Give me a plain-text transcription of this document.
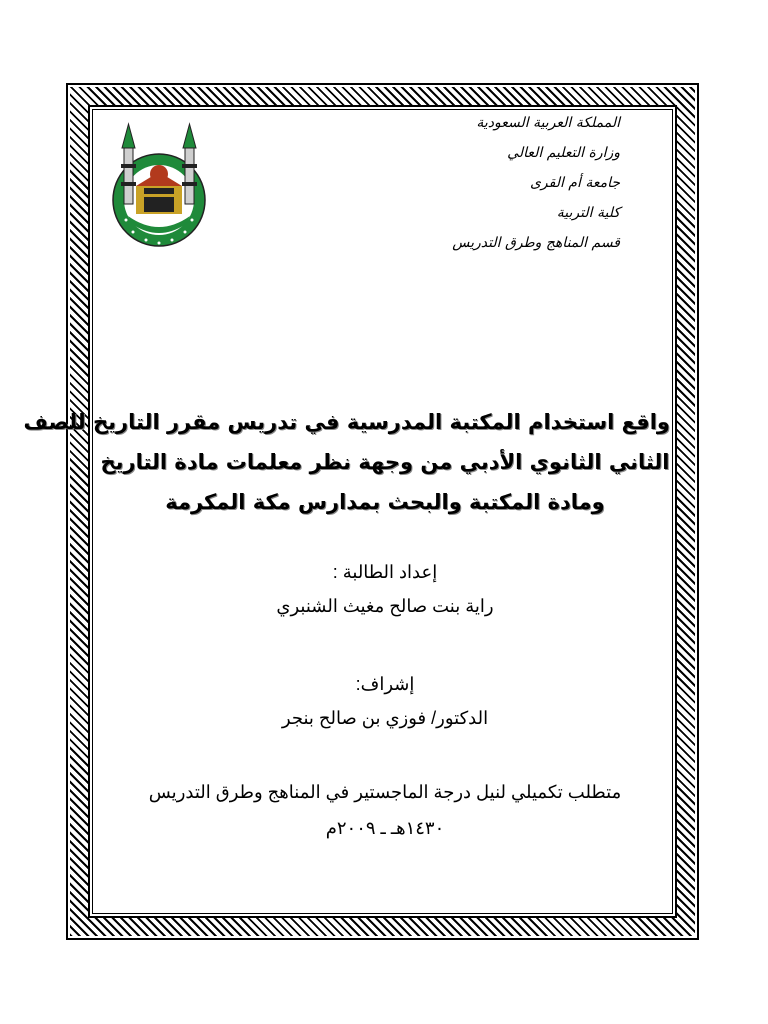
المملكة العربية السعودية
وزارة التعليم العالي
جامعة أم القرى
كلية التربية
قسم المناهج وطرق التدريس
واقع استخدام المكتبة المدرسية في تدريس مقرر التاريخ للصف
الثاني الثانوي الأدبي من وجهة نظر معلمات مادة التاريخ
ومادة المكتبة والبحث بمدارس مكة المكرمة
إعداد الطالبة :
راية بنت صالح مغيث الشنبري
إشراف:
الدكتور/ فوزي بن صالح بنجر
متطلب تكميلي لنيل درجة الماجستير في المناهج وطرق التدريس
١٤٣٠هـ ـ ٢٠٠٩م
